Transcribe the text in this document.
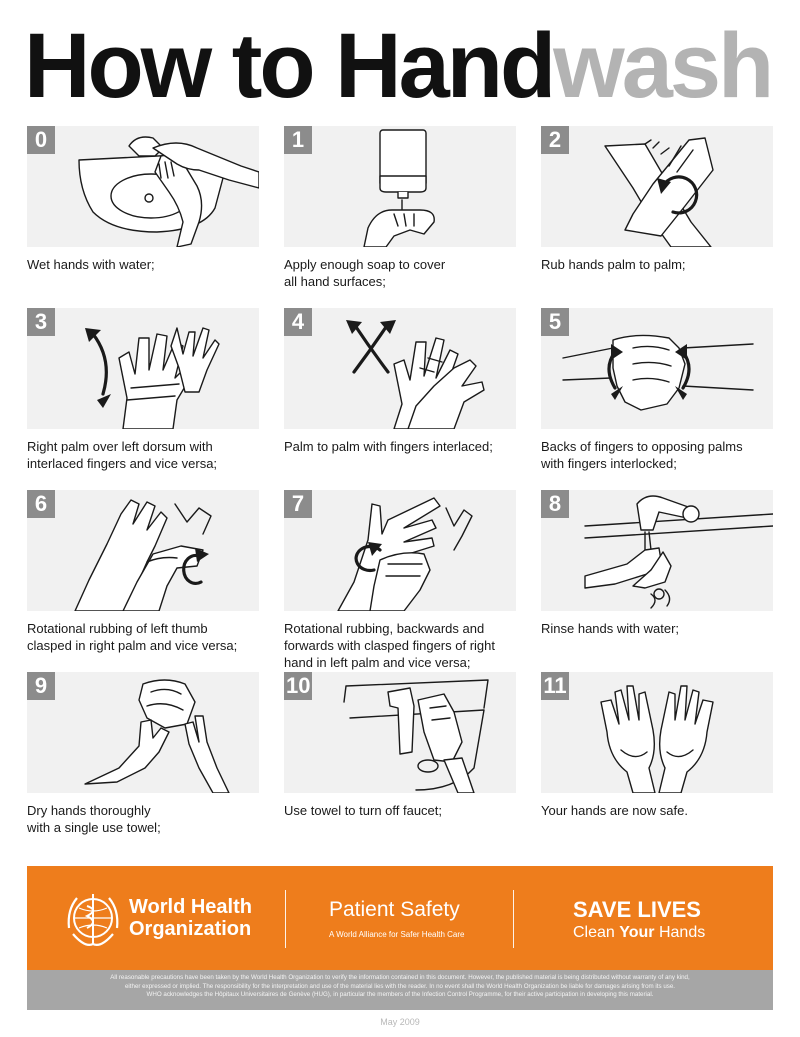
How to Handwash
0
Wet hands with water;
1
Apply enough soap to cover
all hand surfaces;
2
Rub hands palm to palm;
3
Right palm over left dorsum with
interlaced fingers and vice versa;
4
Palm to palm with fingers interlaced;
5
Backs of fingers to opposing palms
with fingers interlocked;
6
Rotational rubbing of left thumb
clasped in right palm and vice versa;
7
Rotational rubbing, backwards and
forwards with clasped fingers of right
hand in left palm and vice versa;
8
Rinse hands with water;
9
Dry hands thoroughly
with a single use towel;
10
Use towel to turn off faucet;
11
Your hands are now safe.
World Health
Organization
Patient Safety
A World Alliance for Safer Health Care
SAVE LIVES
Clean Your Hands

All reasonable precautions have been taken by the World Health Organization to verify the information contained in this document. However, the published material is being distributed without warranty of any kind,

either expressed or implied. The responsibility for the interpretation and use of the material lies with the reader. In no event shall the World Health Organization be liable for damages arising from its use.

WHO acknowledges the Hôpitaux Universitaires de Genève (HUG), in particular the members of the Infection Control Programme, for their active participation in developing this material.

May 2009
